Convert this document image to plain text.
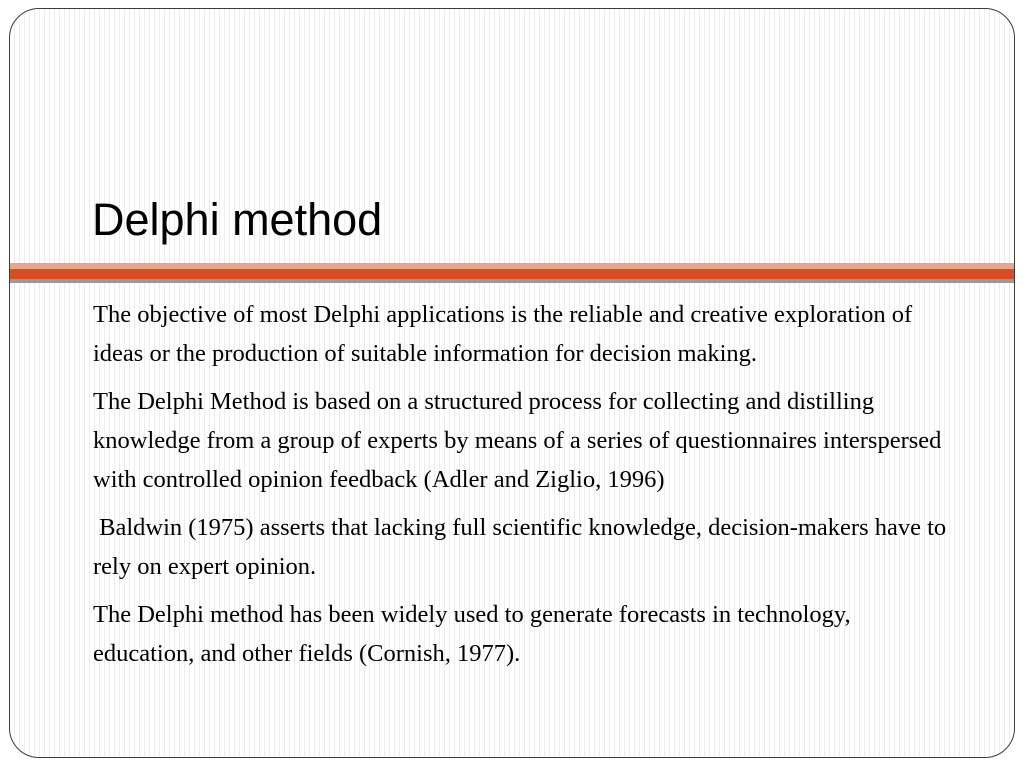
Delphi method

The objective of most Delphi applications is the reliable and creative exploration of ideas or the production of suitable information for decision making.

The Delphi Method is based on a structured process for collecting and distilling knowledge from a group of experts by means of a series of questionnaires interspersed with controlled opinion feedback (Adler and Ziglio, 1996)

Baldwin (1975) asserts that lacking full scientific knowledge, decision-makers have to rely on expert opinion.

The Delphi method has been widely used to generate forecasts in technology, education, and other fields (Cornish, 1977).
